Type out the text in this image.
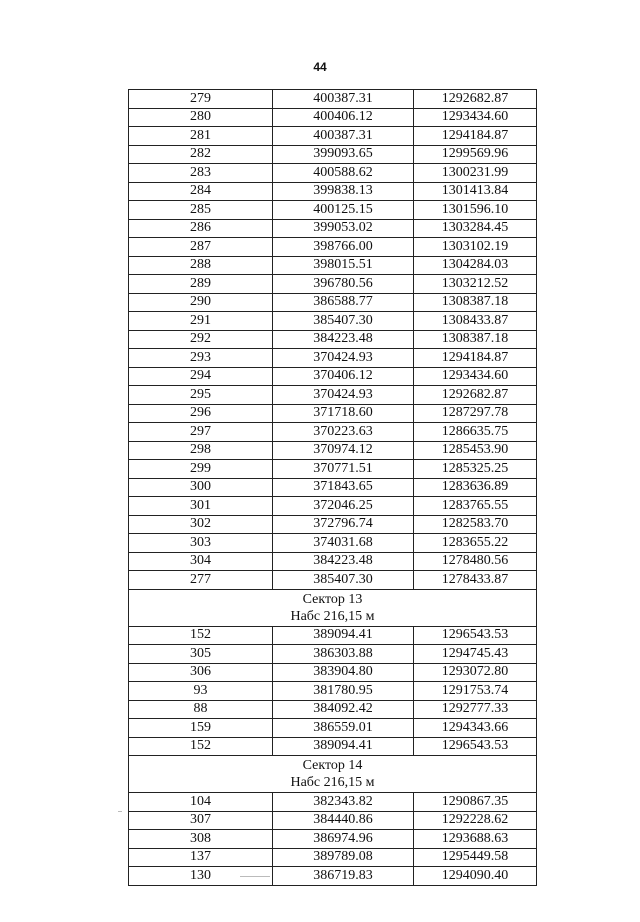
44
279	400387.31	1292682.87
280	400406.12	1293434.60
281	400387.31	1294184.87
282	399093.65	1299569.96
283	400588.62	1300231.99
284	399838.13	1301413.84
285	400125.15	1301596.10
286	399053.02	1303284.45
287	398766.00	1303102.19
288	398015.51	1304284.03
289	396780.56	1303212.52
290	386588.77	1308387.18
291	385407.30	1308433.87
292	384223.48	1308387.18
293	370424.93	1294184.87
294	370406.12	1293434.60
295	370424.93	1292682.87
296	371718.60	1287297.78
297	370223.63	1286635.75
298	370974.12	1285453.90
299	370771.51	1285325.25
300	371843.65	1283636.89
301	372046.25	1283765.55
302	372796.74	1282583.70
303	374031.68	1283655.22
304	384223.48	1278480.56
277	385407.30	1278433.87

Сектор 13
Набс 216,15 м		

152	389094.41	1296543.53
305	386303.88	1294745.43
306	383904.80	1293072.80
93	381780.95	1291753.74
88	384092.42	1292777.33
159	386559.01	1294343.66
152	389094.41	1296543.53

Сектор 14
Набс 216,15 м		

104	382343.82	1290867.35
307	384440.86	1292228.62
308	386974.96	1293688.63
137	389789.08	1295449.58
130	386719.83	1294090.40
